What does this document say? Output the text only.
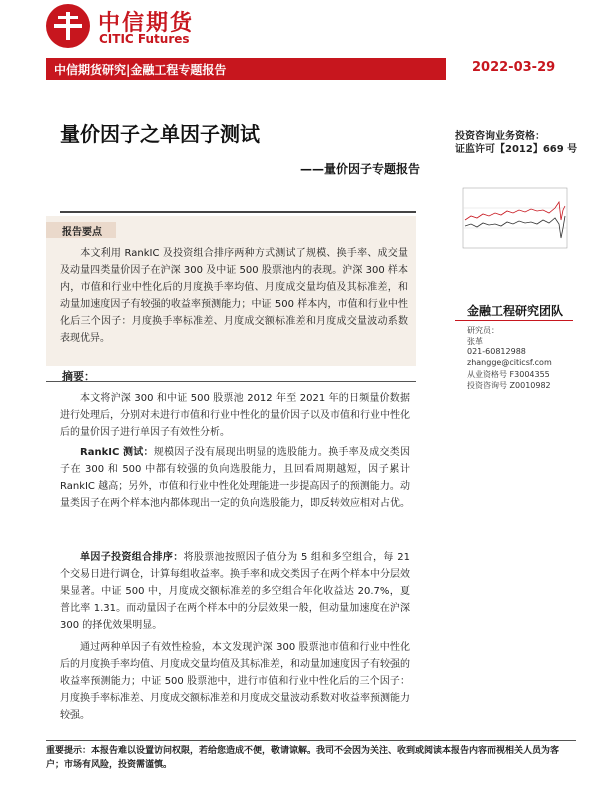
中信期货
CITIC Futures
中信期货研究|金融工程专题报告	2022-03-29
量价因子之单因子测试
——量价因子专题报告
投资咨询业务资格：
证监许可【2012】669 号
金融工程研究团队
研究员：
张革
021-60812988
zhangge@citicsf.com
从业资格号 F3004355
投资咨询号 Z0010982
报告要点
本文利用 RankIC 及投资组合排序两种方式测试了规模、换手率、成交量及动量四类量价因子在沪深 300 及中证 500 股票池内的表现。沪深 300 样本内，市值和行业中性化后的月度换手率均值、月度成交量均值及其标准差，和动量加速度因子有较强的收益率预测能力；中证 500 样本内，市值和行业中性化后三个因子：月度换手率标准差、月度成交额标准差和月度成交量波动系数表现优异。
摘要：
本文将沪深 300 和中证 500 股票池 2012 年至 2021 年的日频量价数据进行处理后，分别对未进行市值和行业中性化的量价因子以及市值和行业中性化后的量价因子进行单因子有效性分析。
RankIC 测试：规模因子没有展现出明显的选股能力。换手率及成交类因子在 300 和 500 中都有较强的负向选股能力，且回看周期越短，因子累计 RankIC 越高；另外，市值和行业中性化处理能进一步提高因子的预测能力。动量类因子在两个样本池内都体现出一定的负向选股能力，即反转效应相对占优。
单因子投资组合排序：将股票池按照因子值分为 5 组和多空组合，每 21 个交易日进行调仓，计算每组收益率。换手率和成交类因子在两个样本中分层效果显著。中证 500 中，月度成交额标准差的多空组合年化收益达 20.7%，夏普比率 1.31。而动量因子在两个样本中的分层效果一般，但动量加速度在沪深 300 的择优效果明显。
通过两种单因子有效性检验，本文发现沪深 300 股票池市值和行业中性化后的月度换手率均值、月度成交量均值及其标准差，和动量加速度因子有较强的收益率预测能力；中证 500 股票池中，进行市值和行业中性化后的三个因子：月度换手率标准差、月度成交额标准差和月度成交量波动系数对收益率预测能力较强。
重要提示：本报告难以设置访问权限，若给您造成不便，敬请谅解。我司不会因为关注、收到或阅读本报告内容而视相关人员为客户；市场有风险，投资需谨慎。
